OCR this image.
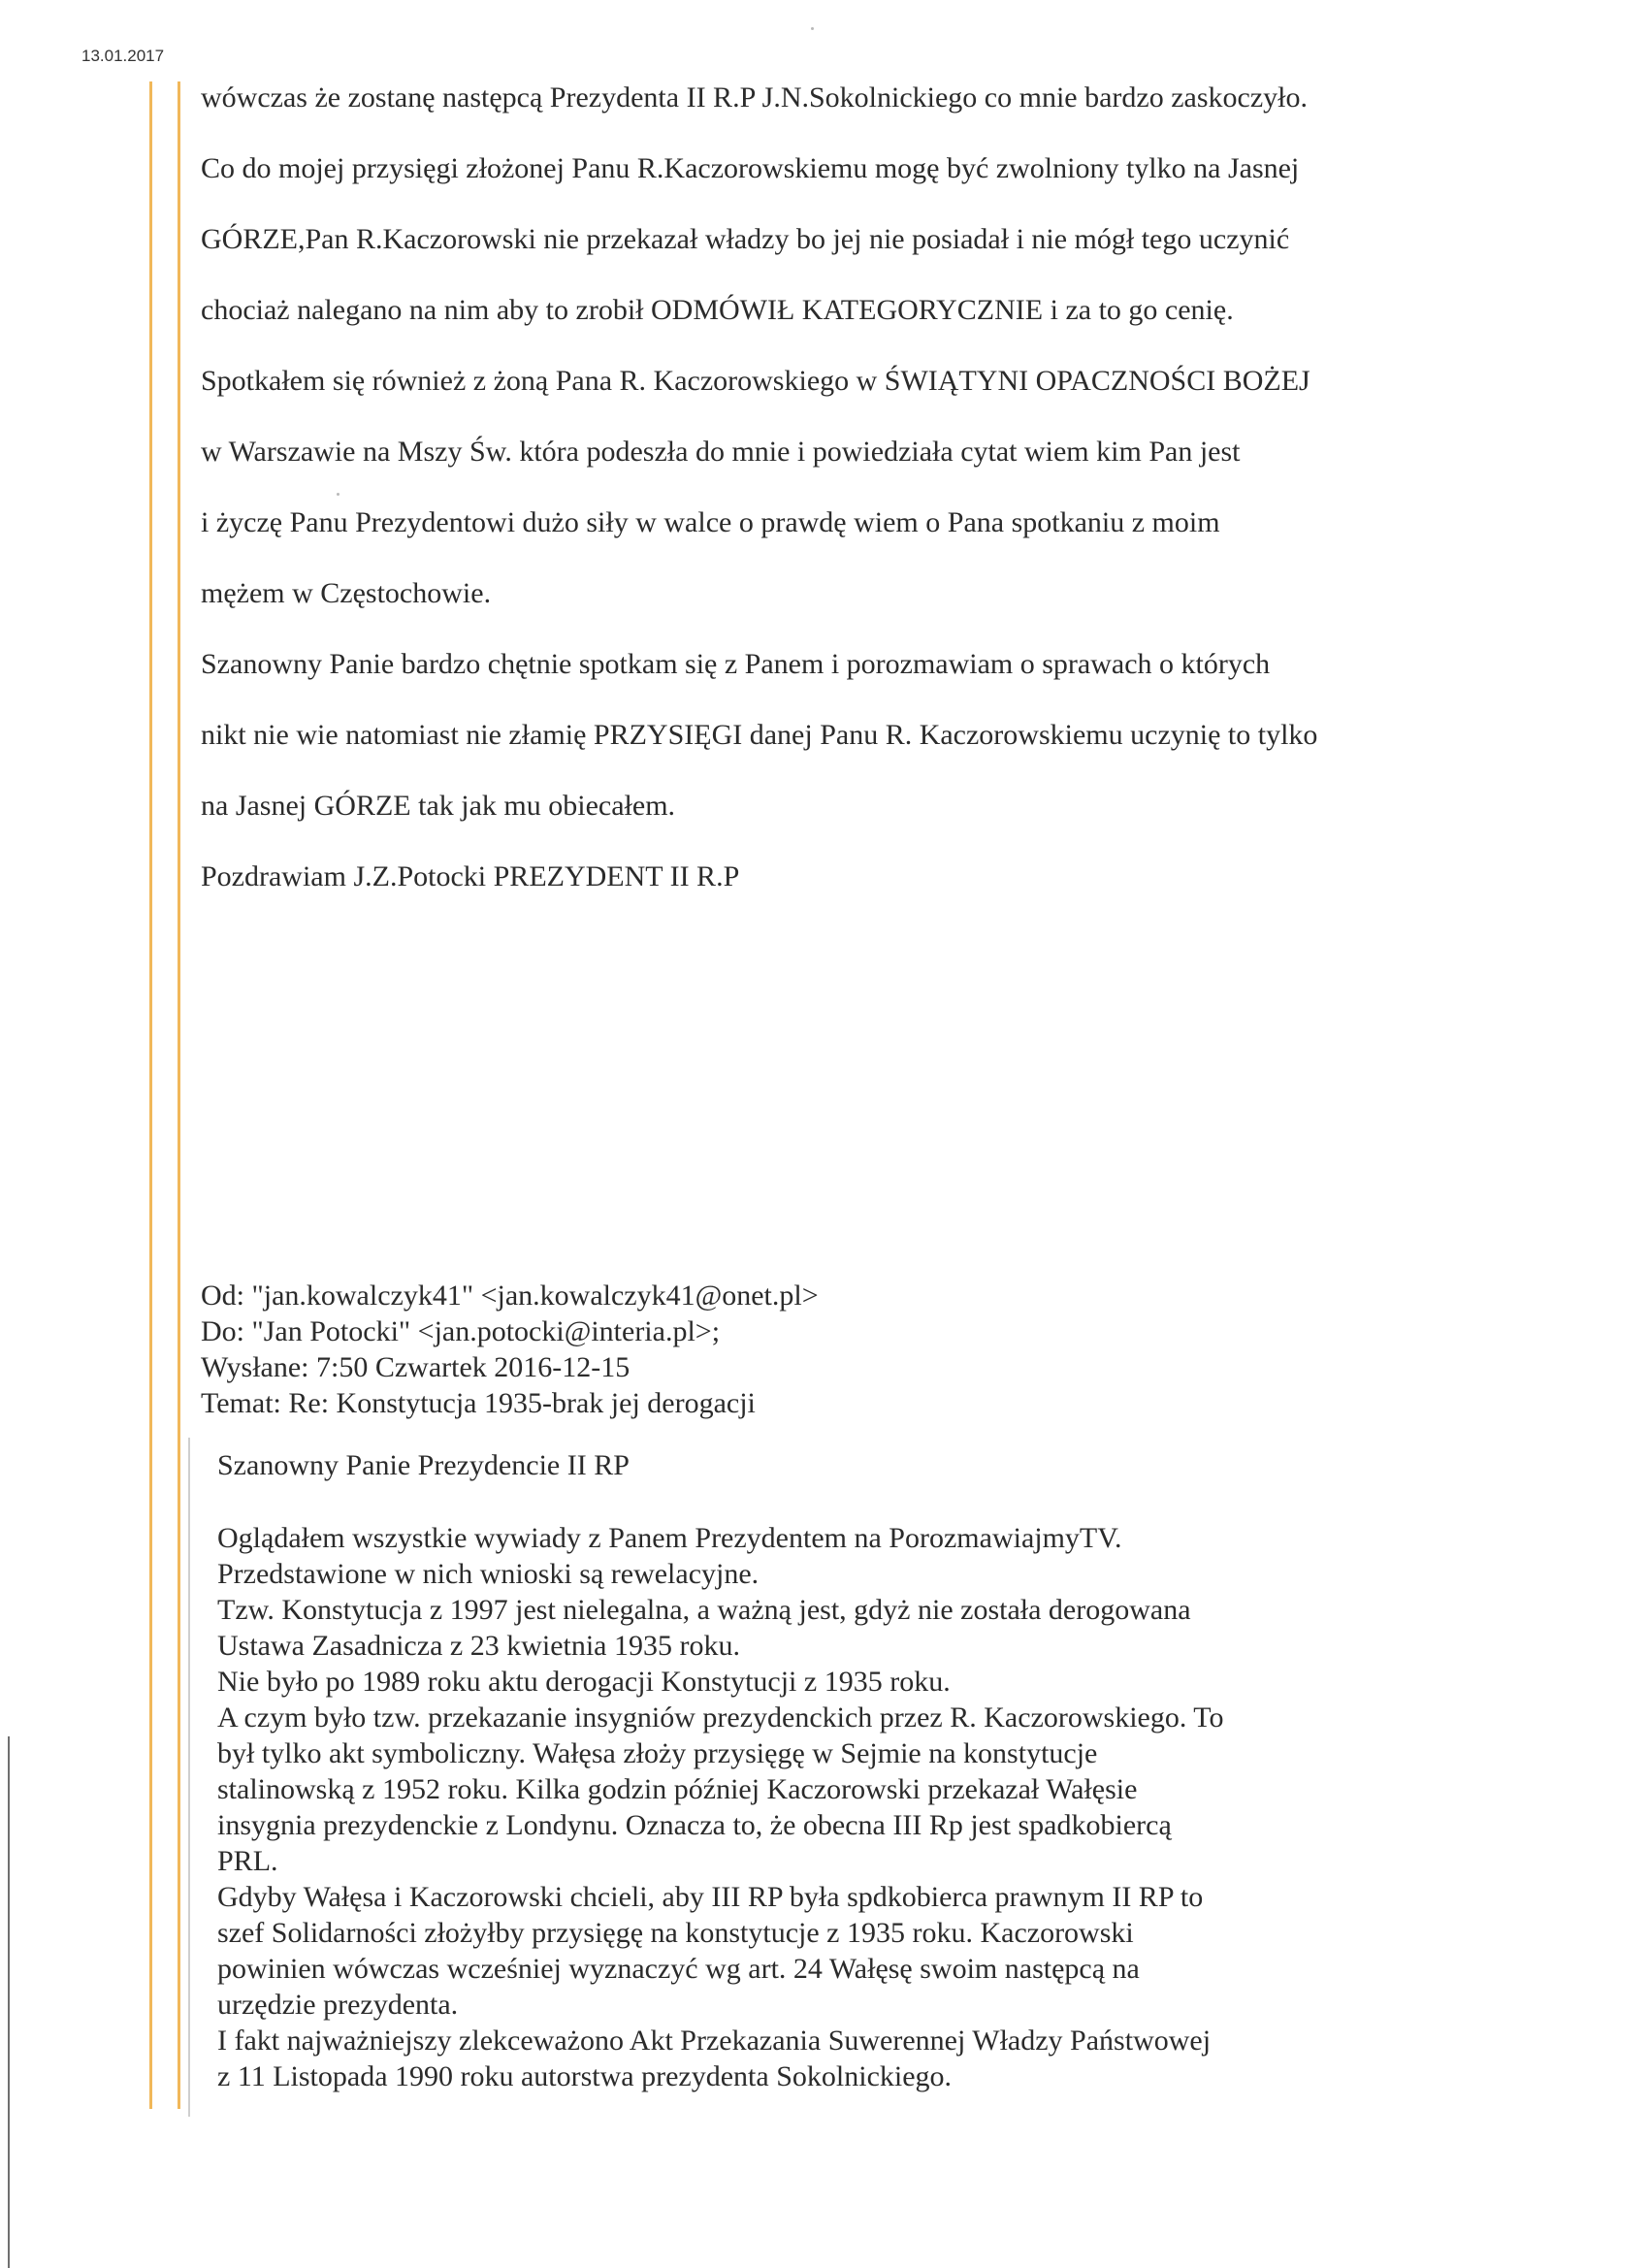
13.01.2017

wówczas że zostanę następcą Prezydenta II R.P J.N.Sokolnickiego co mnie bardzo zaskoczyło.

Co do mojej przysięgi złożonej Panu R.Kaczorowskiemu mogę być zwolniony tylko na Jasnej

GÓRZE,Pan R.Kaczorowski nie przekazał władzy bo jej nie posiadał i nie mógł tego uczynić

chociaż nalegano na nim aby to zrobił ODMÓWIŁ KATEGORYCZNIE i za to go cenię.

Spotkałem się również z żoną Pana R. Kaczorowskiego w ŚWIĄTYNI OPACZNOŚCI BOŻEJ

w Warszawie na Mszy Św. która podeszła do mnie i powiedziała cytat wiem kim Pan jest

i życzę Panu Prezydentowi dużo siły w walce o prawdę wiem o Pana spotkaniu z moim

mężem w Częstochowie.

Szanowny Panie bardzo chętnie spotkam się z Panem i porozmawiam o sprawach o których

nikt nie wie natomiast nie złamię PRZYSIĘGI danej Panu R. Kaczorowskiemu uczynię to tylko

na Jasnej GÓRZE tak jak mu obiecałem.

Pozdrawiam J.Z.Potocki PREZYDENT II R.P

Od: "jan.kowalczyk41" <jan.kowalczyk41@onet.pl>
Do: "Jan Potocki" <jan.potocki@interia.pl>;
Wysłane: 7:50 Czwartek 2016-12-15
Temat: Re: Konstytucja 1935-brak jej derogacji
Szanowny Panie Prezydencie II RP
Oglądałem wszystkie wywiady z Panem Prezydentem na PorozmawiajmyTV.
Przedstawione w nich wnioski są rewelacyjne.
Tzw. Konstytucja z 1997 jest nielegalna, a ważną jest, gdyż nie została derogowana
Ustawa Zasadnicza z 23 kwietnia 1935 roku.
Nie było po 1989 roku aktu derogacji Konstytucji z 1935 roku.
A czym było tzw. przekazanie insygniów prezydenckich przez R. Kaczorowskiego. To
był tylko akt symboliczny. Wałęsa złoży przysięgę w Sejmie na konstytucje
stalinowską z 1952 roku. Kilka godzin później Kaczorowski przekazał Wałęsie
insygnia prezydenckie z Londynu. Oznacza to, że obecna III Rp jest spadkobiercą
PRL.
Gdyby Wałęsa i Kaczorowski chcieli, aby III RP była spdkobierca prawnym II RP to
szef Solidarności złożyłby przysięgę na konstytucje z 1935 roku. Kaczorowski
powinien wówczas wcześniej wyznaczyć wg art. 24 Wałęsę swoim następcą na
urzędzie prezydenta.
I fakt najważniejszy zlekceważono Akt Przekazania Suwerennej Władzy Państwowej
z 11 Listopada 1990 roku autorstwa prezydenta Sokolnickiego.
